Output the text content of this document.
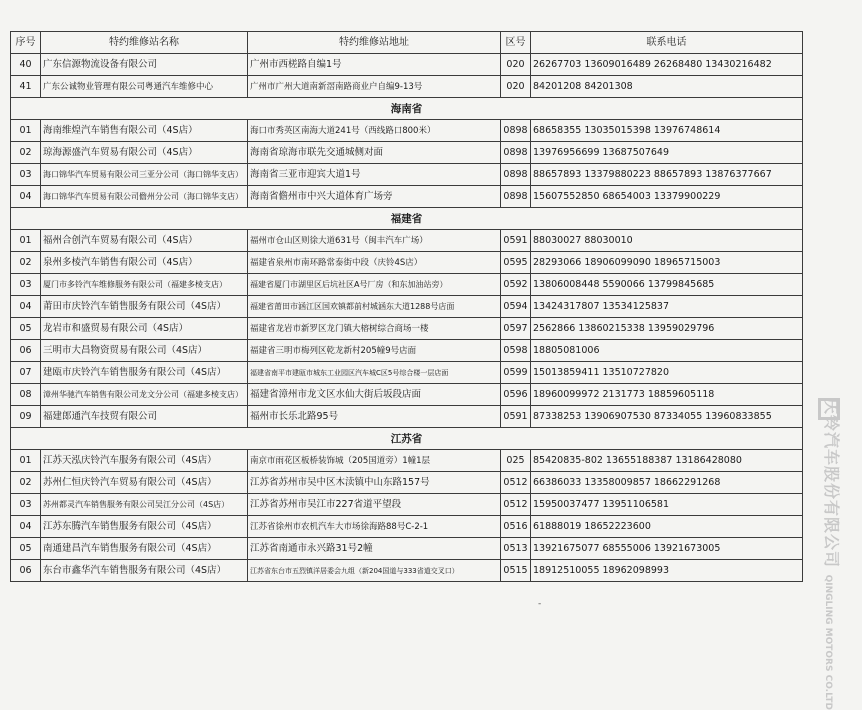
序号	特约维修站名称	特约维修站地址	区号	联系电话
40	广东信源物流设备有限公司	广州市西槎路自编1号	020	26267703 13609016489 26268480 13430216482
41	广东公诚物业管理有限公司粤通汽车维修中心	广州市广州大道南新滘南路商业户自编9-13号	020	84201208 84201308
海南省				
01	海南维煌汽车销售有限公司（4S店）	海口市秀英区南海大道241号（西线路口800米）	0898	68658355 13035015398 13976748614
02	琼海源盛汽车贸易有限公司（4S店）	海南省琼海市联先交通城侧对面	0898	13976956699 13687507649
03	海口锦华汽车贸易有限公司三亚分公司（海口锦华支店）	海南省三亚市迎宾大道1号	0898	88657893 13379880223 88657893 13876377667
04	海口锦华汽车贸易有限公司儋州分公司（海口锦华支店）	海南省儋州市中兴大道体育广场旁	0898	15607552850 68654003 13379900229
福建省				
01	福州合创汽车贸易有限公司（4S店）	福州市仓山区则徐大道631号（闽丰汽车广场）	0591	88030027 88030010
02	泉州多棱汽车销售有限公司（4S店）	福建省泉州市南环路常泰街中段（庆铃4S店）	0595	28293066 18906099090 18965715003
03	厦门市多铃汽车维修服务有限公司（福建多棱支店）	福建省厦门市湖里区后坑社区A号厂房（和东加油站旁）	0592	13806008448 5590066 13799845685
04	莆田市庆铃汽车销售服务有限公司（4S店）	福建省莆田市涵江区国欢镇都前村城涵东大道1288号店面	0594	13424317807 13534125837
05	龙岩市和盛贸易有限公司（4S店）	福建省龙岩市新罗区龙门镇大榕树综合商场一楼	0597	2562866 13860215338 13959029796
06	三明市大昌物资贸易有限公司（4S店）	福建省三明市梅列区乾龙新村205幢9号店面	0598	18805081006
07	建瓯市庆铃汽车销售服务有限公司（4S店）	福建省南平市建瓯市城东工业园区汽车城C区5号综合楼一层店面	0599	15013859411 13510727820
08	漳州华驰汽车销售有限公司龙文分公司（福建多棱支店）	福建省漳州市龙文区水仙大街后坂段店面	0596	18960099972 2131773 18859605118
09	福建郎通汽车技贸有限公司	福州市长乐北路95号	0591	87338253 13906907530 87334055 13960833855
江苏省				
01	江苏天泓庆铃汽车服务有限公司（4S店）	南京市雨花区板桥装饰城（205国道旁）1幢1层	025	85420835-802 13655188387 13186428080
02	苏州仁恒庆铃汽车贸易有限公司（4S店）	江苏省苏州市吴中区木渎镇中山东路157号	0512	66386033 13358009857 18662291268
03	苏州都灵汽车销售服务有限公司吴江分公司（4S店）	江苏省苏州市吴江市227省道平望段	0512	15950037477 13951106581
04	江苏东腾汽车销售服务有限公司（4S店）	江苏省徐州市农机汽车大市场徐海路88号C-2-1	0516	61888019 18652223600
05	南通建昌汽车销售服务有限公司（4S店）	江苏省南通市永兴路31号2幢	0513	13921675077 68555006 13921673005
06	东台市鑫华汽车销售服务有限公司（4S店）	江苏省东台市五烈镇洋居委会九组（新204国道与333省道交叉口）	0515	18912510055 18962098993
庆铃汽车股份有限公司 QINGLING MOTORS CO.LTD
-
